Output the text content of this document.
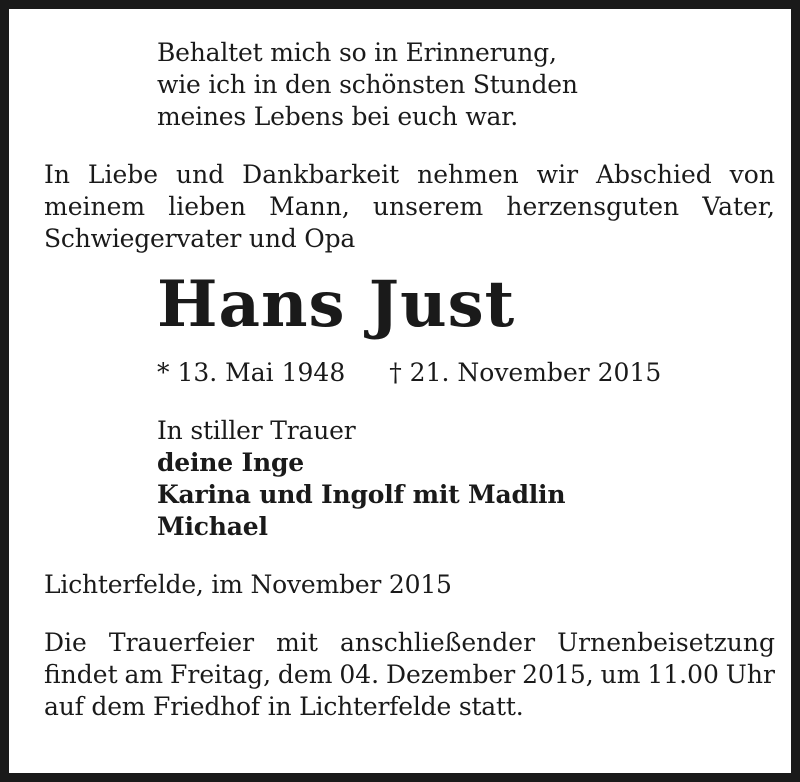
Behaltet mich so in Erinnerung,

wie ich in den schönsten Stunden

meines Lebens bei euch war.

In Liebe und Dankbarkeit nehmen wir Abschied von
meinem lieben Mann, unserem herzensguten Vater,

Schwiegervater und Opa

Hans Just
* 13. Mai 1948 † 21. November 2015

In stiller Trauer

deine Inge

Karina und Ingolf mit Madlin

Michael

Lichterfelde, im November 2015

Die Trauerfeier mit anschließender Urnenbeisetzung
findet am Freitag, dem 04. Dezember 2015, um 11.00 Uhr

auf dem Friedhof in Lichterfelde statt.
